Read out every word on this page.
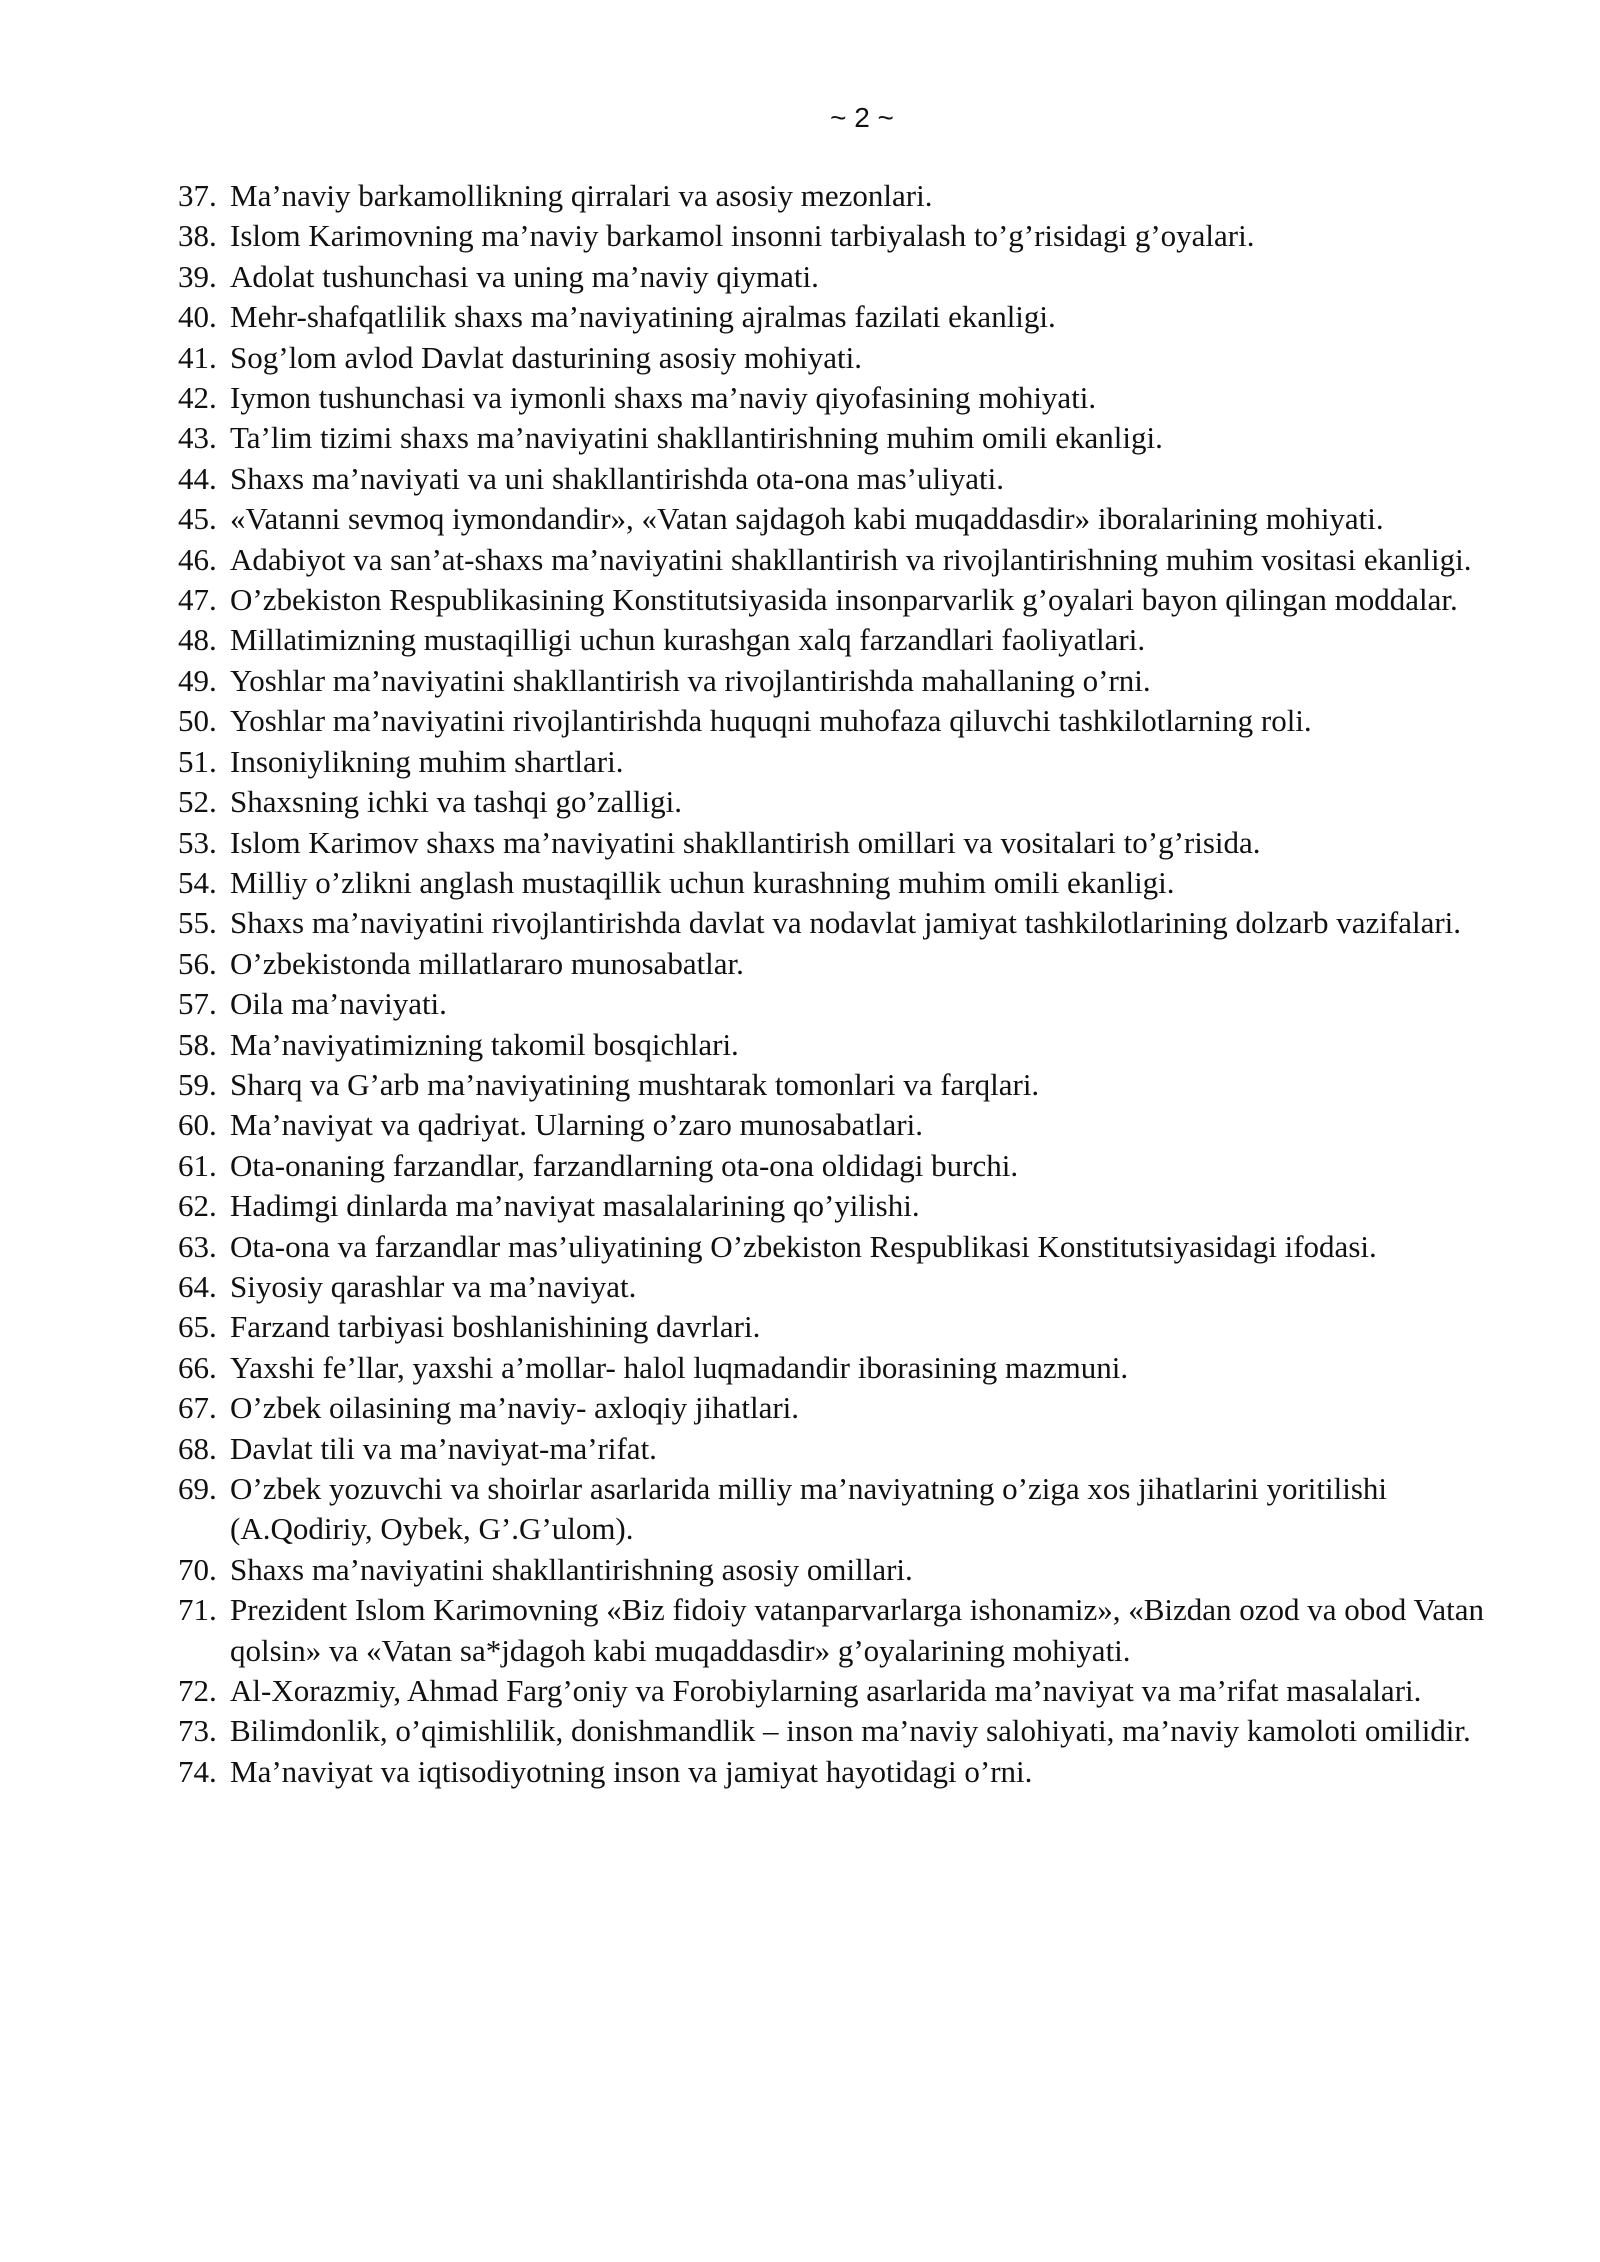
~ 2 ~
37. Ma’naviy barkamollikning qirralari va asosiy mezonlari.
38. Islom Karimovning ma’naviy barkamol insonni tarbiyalash to’g’risidagi g’oyalari.
39. Adolat tushunchasi va uning ma’naviy qiymati.
40. Mehr-shafqatlilik shaxs ma’naviyatining ajralmas fazilati ekanligi.
41. Sog’lom avlod Davlat dasturining asosiy mohiyati.
42. Iymon tushunchasi va iymonli shaxs ma’naviy qiyofasining mohiyati.
43. Ta’lim tizimi shaxs ma’naviyatini shakllantirishning muhim omili ekanligi.
44. Shaxs ma’naviyati va uni shakllantirishda ota-ona mas’uliyati.
45. «Vatanni sevmoq iymondandir», «Vatan sajdagoh kabi muqaddasdir» iboralarining mohiyati.
46. Adabiyot va san’at-shaxs ma’naviyatini shakllantirish va rivojlantirishning muhim vositasi ekanligi.
47. O’zbekiston Respublikasining Konstitutsiyasida insonparvarlik g’oyalari bayon qilingan moddalar.
48. Millatimizning mustaqilligi uchun kurashgan xalq farzandlari faoliyatlari.
49. Yoshlar ma’naviyatini shakllantirish va rivojlantirishda mahallaning o’rni.
50. Yoshlar ma’naviyatini rivojlantirishda huquqni muhofaza qiluvchi tashkilotlarning roli.
51. Insoniylikning muhim shartlari.
52. Shaxsning ichki va tashqi go’zalligi.
53. Islom Karimov shaxs ma’naviyatini shakllantirish omillari va vositalari to’g’risida.
54. Milliy o’zlikni anglash mustaqillik uchun kurashning muhim omili ekanligi.
55. Shaxs ma’naviyatini rivojlantirishda davlat va nodavlat jamiyat tashkilotlarining dolzarb vazifalari.
56. O’zbekistonda millatlararo munosabatlar.
57. Oila ma’naviyati.
58. Ma’naviyatimizning takomil bosqichlari.
59. Sharq va G’arb ma’naviyatining mushtarak tomonlari va farqlari.
60. Ma’naviyat va qadriyat. Ularning o’zaro munosabatlari.
61. Ota-onaning farzandlar, farzandlarning ota-ona oldidagi burchi.
62. Hadimgi dinlarda ma’naviyat masalalarining qo’yilishi.
63. Ota-ona va farzandlar mas’uliyatining O’zbekiston Respublikasi Konstitutsiyasidagi ifodasi.
64. Siyosiy qarashlar va ma’naviyat.
65. Farzand tarbiyasi boshlanishining davrlari.
66. Yaxshi fe’llar, yaxshi a’mollar- halol luqmadandir iborasining mazmuni.
67. O’zbek oilasining ma’naviy- axloqiy jihatlari.
68. Davlat tili va ma’naviyat-ma’rifat.
69. O’zbek yozuvchi va shoirlar asarlarida milliy ma’naviyatning o’ziga xos jihatlarini yoritilishi (A.Qodiriy, Oybek, G’.G’ulom).
70. Shaxs ma’naviyatini shakllantirishning asosiy omillari.
71. Prezident Islom Karimovning «Biz fidoiy vatanparvarlarga ishonamiz», «Bizdan ozod va obod Vatan qolsin» va «Vatan sa*jdagoh kabi muqaddasdir» g’oyalarining mohiyati.
72. Al-Xorazmiy, Ahmad Farg’oniy va Forobiylarning asarlarida ma’naviyat va ma’rifat masalalari.
73. Bilimdonlik, o’qimishlilik, donishmandlik – inson ma’naviy salohiyati, ma’naviy kamoloti omilidir.
74. Ma’naviyat va iqtisodiyotning inson va jamiyat hayotidagi o’rni.
